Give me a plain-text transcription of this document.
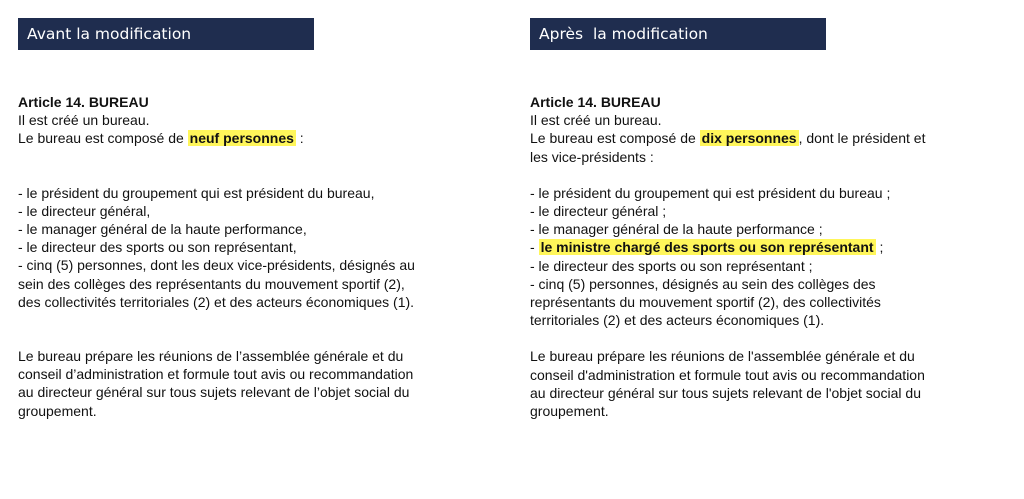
Avant la modification

Article 14. BUREAU

Il est créé un bureau.

Le bureau est composé de neuf personnes :

- le président du groupement qui est président du bureau,

- le directeur général,

- le manager général de la haute performance,

- le directeur des sports ou son représentant,

- cinq (5) personnes, dont les deux vice-présidents, désignés au

sein des collèges des représentants du mouvement sportif (2),

des collectivités territoriales (2) et des acteurs économiques (1).

Le bureau prépare les réunions de l’assemblée générale et du

conseil d’administration et formule tout avis ou recommandation

au directeur général sur tous sujets relevant de l’objet social du

groupement.

Après  la modification

Article 14. BUREAU

Il est créé un bureau.

Le bureau est composé de dix personnes , dont le président et

les vice-présidents :

- le président du groupement qui est président du bureau ;

- le directeur général ;

- le manager général de la haute performance ;

- le ministre chargé des sports ou son représentant ;

- le directeur des sports ou son représentant ;

- cinq (5) personnes, désignés au sein des collèges des

représentants du mouvement sportif (2), des collectivités

territoriales (2) et des acteurs économiques (1).

Le bureau prépare les réunions de l'assemblée générale et du

conseil d'administration et formule tout avis ou recommandation

au directeur général sur tous sujets relevant de l'objet social du

groupement.
